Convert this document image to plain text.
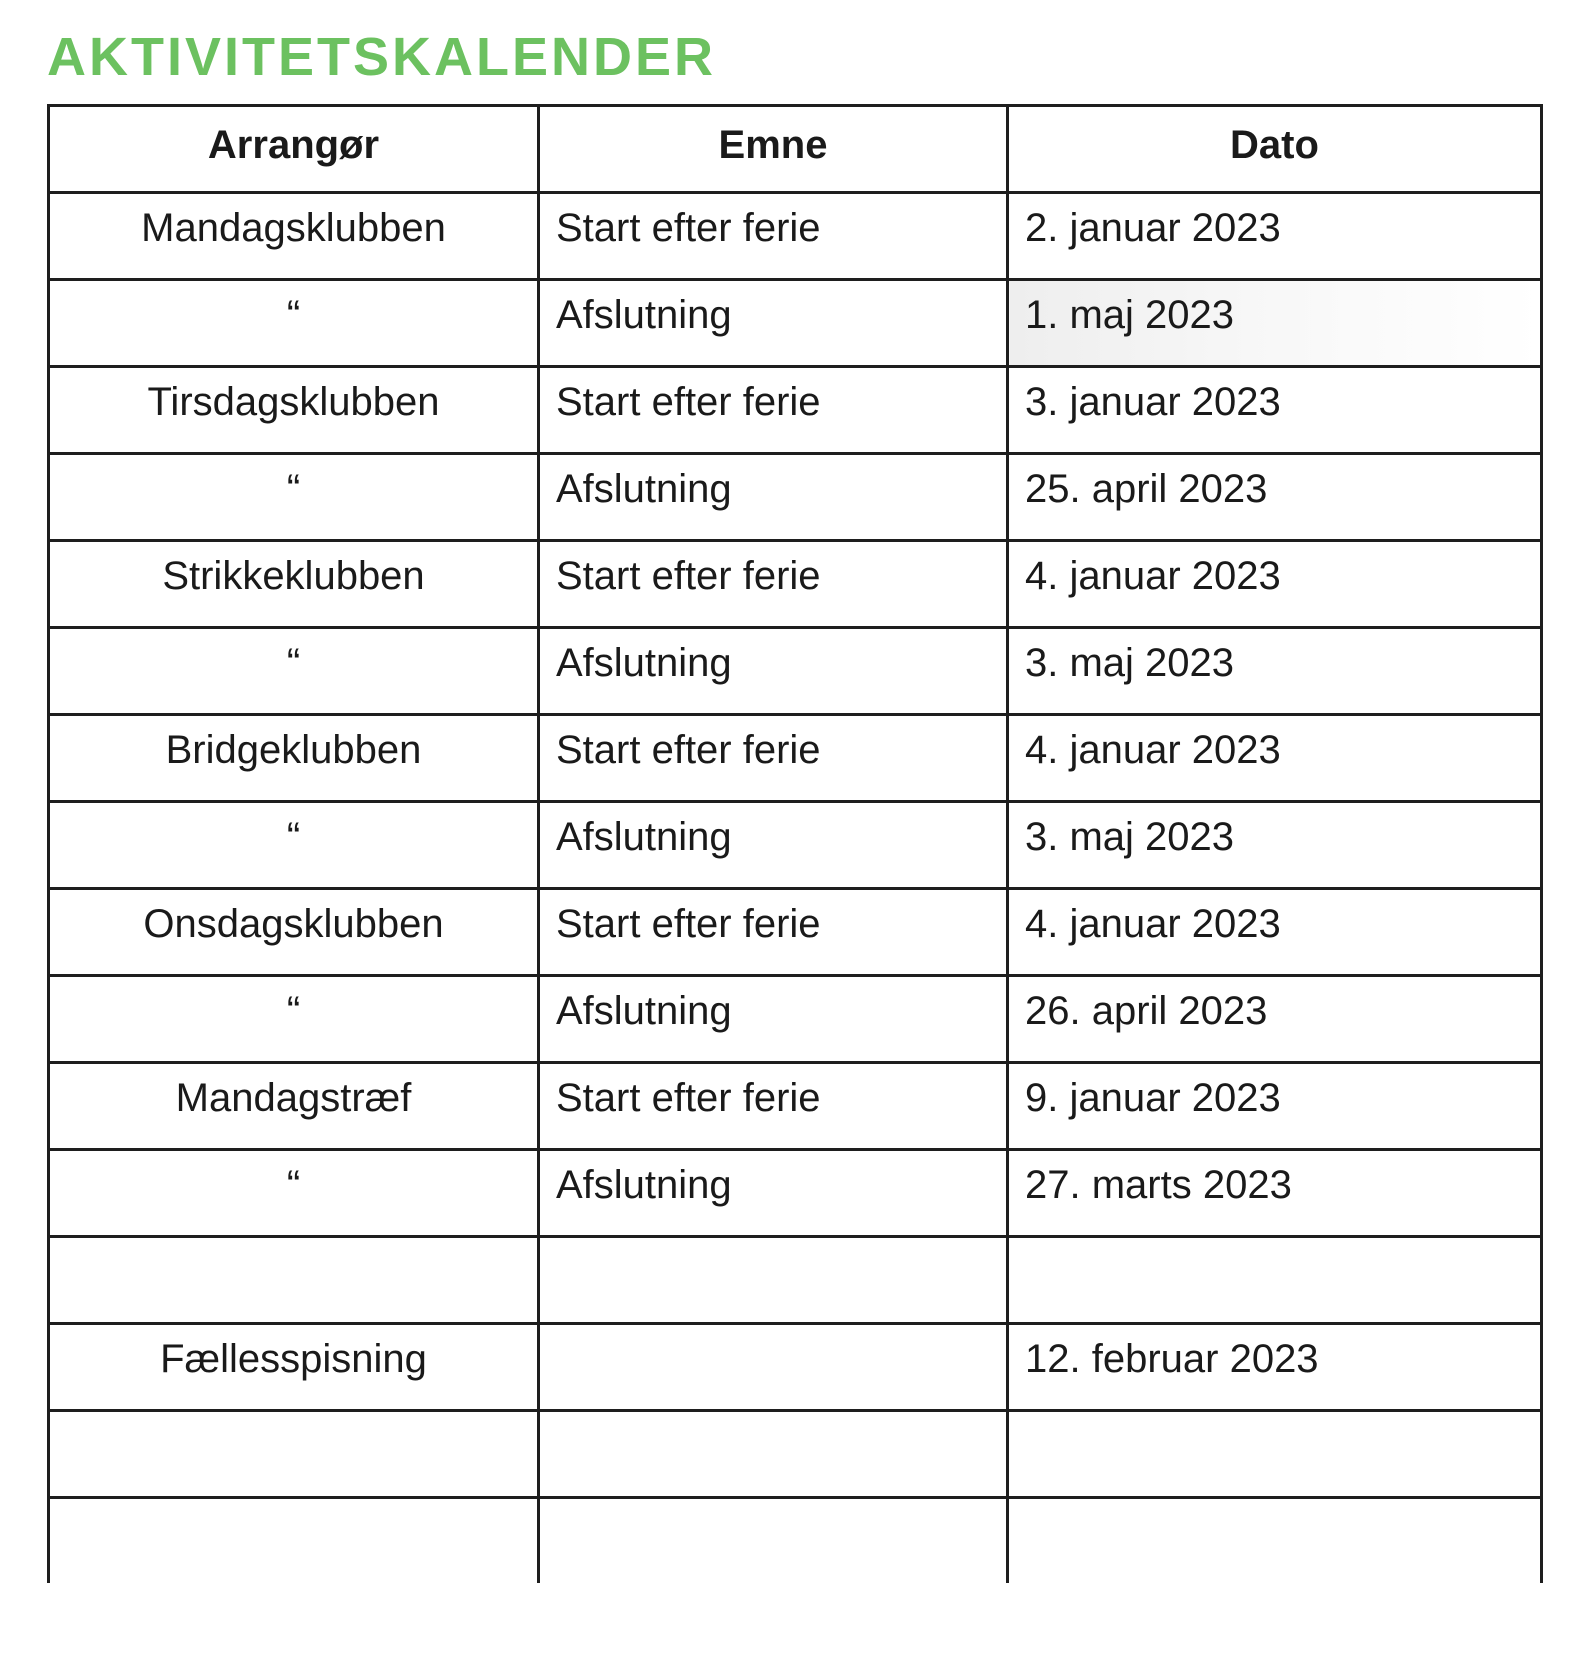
AKTIVITETSKALENDER
Arrangør	Emne	Dato
Mandagsklubben	Start efter ferie	2. januar 2023
“	Afslutning	1. maj 2023
Tirsdagsklubben	Start efter ferie	3. januar 2023
“	Afslutning	25. april 2023
Strikkeklubben	Start efter ferie	4. januar 2023
“	Afslutning	3. maj 2023
Bridgeklubben	Start efter ferie	4. januar 2023
“	Afslutning	3. maj 2023
Onsdagsklubben	Start efter ferie	4. januar 2023
“	Afslutning	26. april 2023
Mandagstræf	Start efter ferie	9. januar 2023
“	Afslutning	27. marts 2023

Fællesspisning		12. februar 2023
